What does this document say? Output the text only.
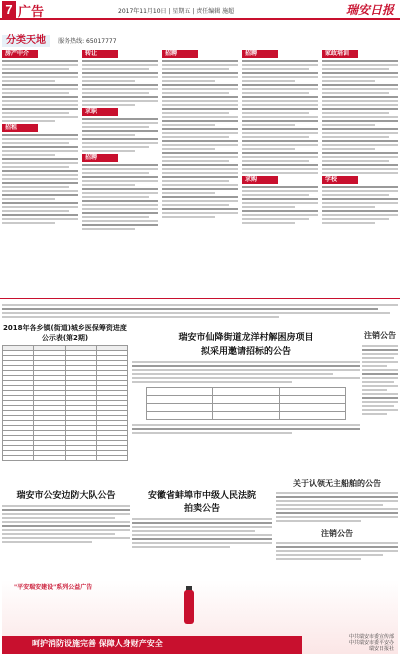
7 广告	2017年11月10日 | 星期五 | 责任编辑 施超	瑞安日报
分类天地 服务热线: 65017777
房产中介
招租
转让
求职
招聘
招聘	招聘
求购
家政培训
学校
2018年各乡镇(街道)城乡医保筹资进度公示表(第2期)

				瑞安市仙降街道龙洋村解困房项目
拟采用邀请招标的公告

注销公告
瑞安市公安边防大队公告	安徽省蚌埠市中级人民法院
拍卖公告
关于认领无主船舶的公告
注销公告
"平安瑞安建设"系列公益广告
呵护消防设施完善 保障人身财产安全
中共瑞安市委宣传部
中共瑞安市委平安办
瑞安日报社
